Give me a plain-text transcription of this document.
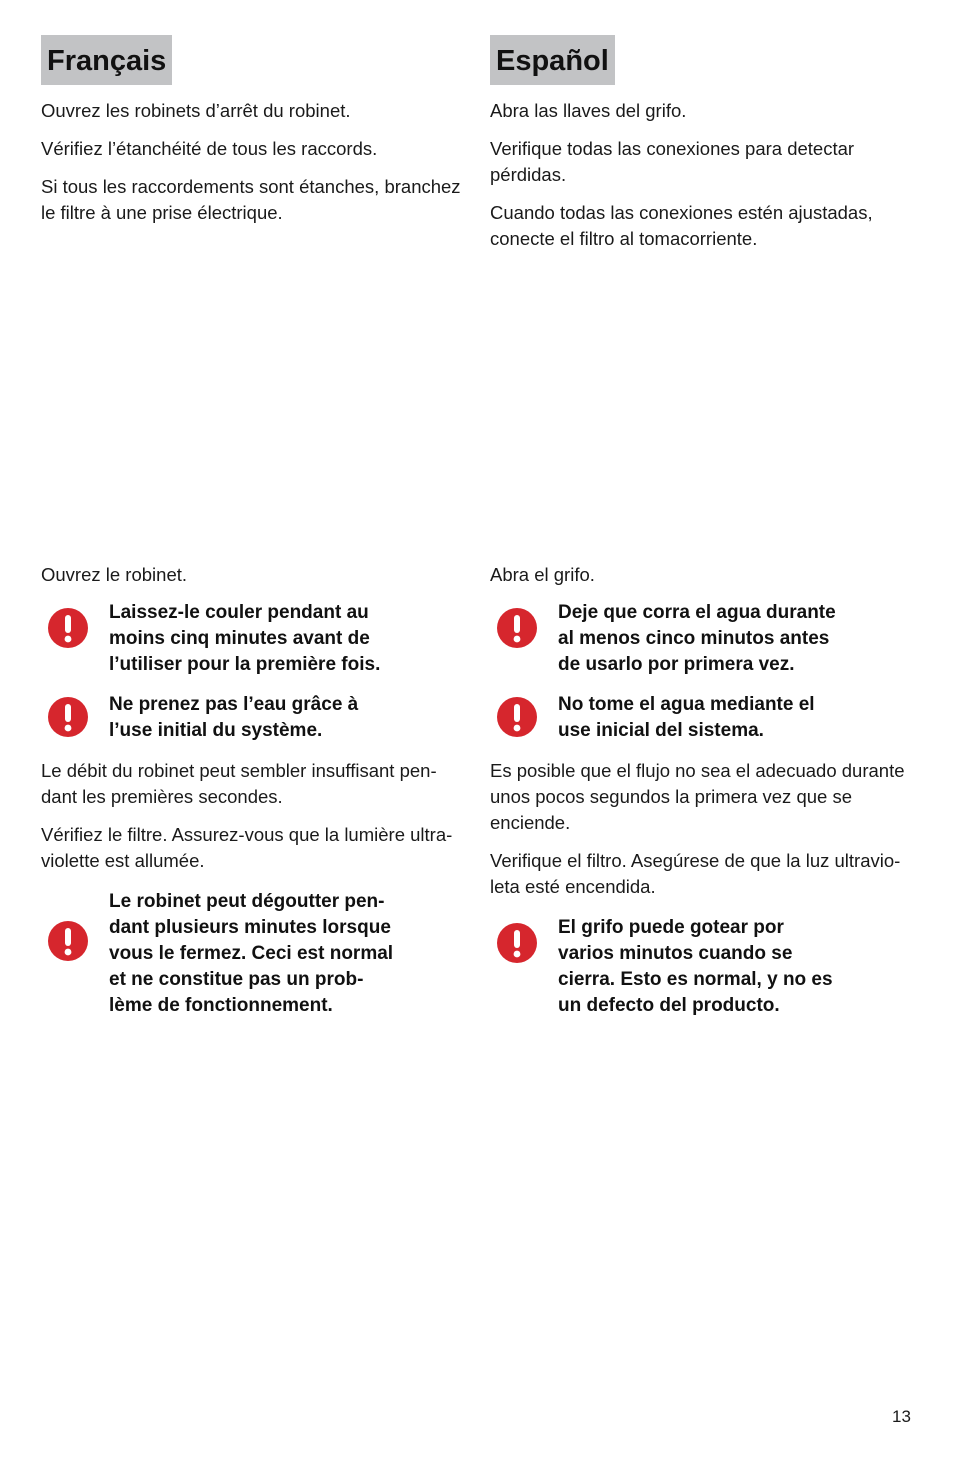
Français

Ouvrez les robinets d’arrêt du robinet.

Vérifiez l’étanchéité de tous les raccords.

Si tous les raccordements sont étanches, branchez le filtre à une prise électrique.

Ouvrez le robinet.

Laissez-le couler pendant au
moins cinq minutes avant de
l’utiliser pour la première fois.
Ne prenez pas l’eau grâce à
l’use initial du système.

Le débit du robinet peut sembler insuffisant pen-
dant les premières secondes.

Vérifiez le filtre. Assurez-vous que la lumière ultra-
violette est allumée.

Le robinet peut dégoutter pen-
dant plusieurs minutes lorsque
vous le fermez. Ceci est normal
et ne constitue pas un prob-
lème de fonctionnement.
Español

Abra las llaves del grifo.

Verifique todas las conexiones para detectar pérdidas.

Cuando todas las conexiones estén ajustadas, conecte el filtro al tomacorriente.

Abra el grifo.

Deje que corra el agua durante
al menos cinco minutos antes
de usarlo por primera vez.
No tome el agua mediante el
use inicial del sistema.

Es posible que el flujo no sea el adecuado durante unos pocos segundos la primera vez que se enciende.

Verifique el filtro. Asegúrese de que la luz ultravio-
leta esté encendida.

El grifo puede gotear por
varios minutos cuando se
cierra. Esto es normal, y no es
un defecto del producto.
13
